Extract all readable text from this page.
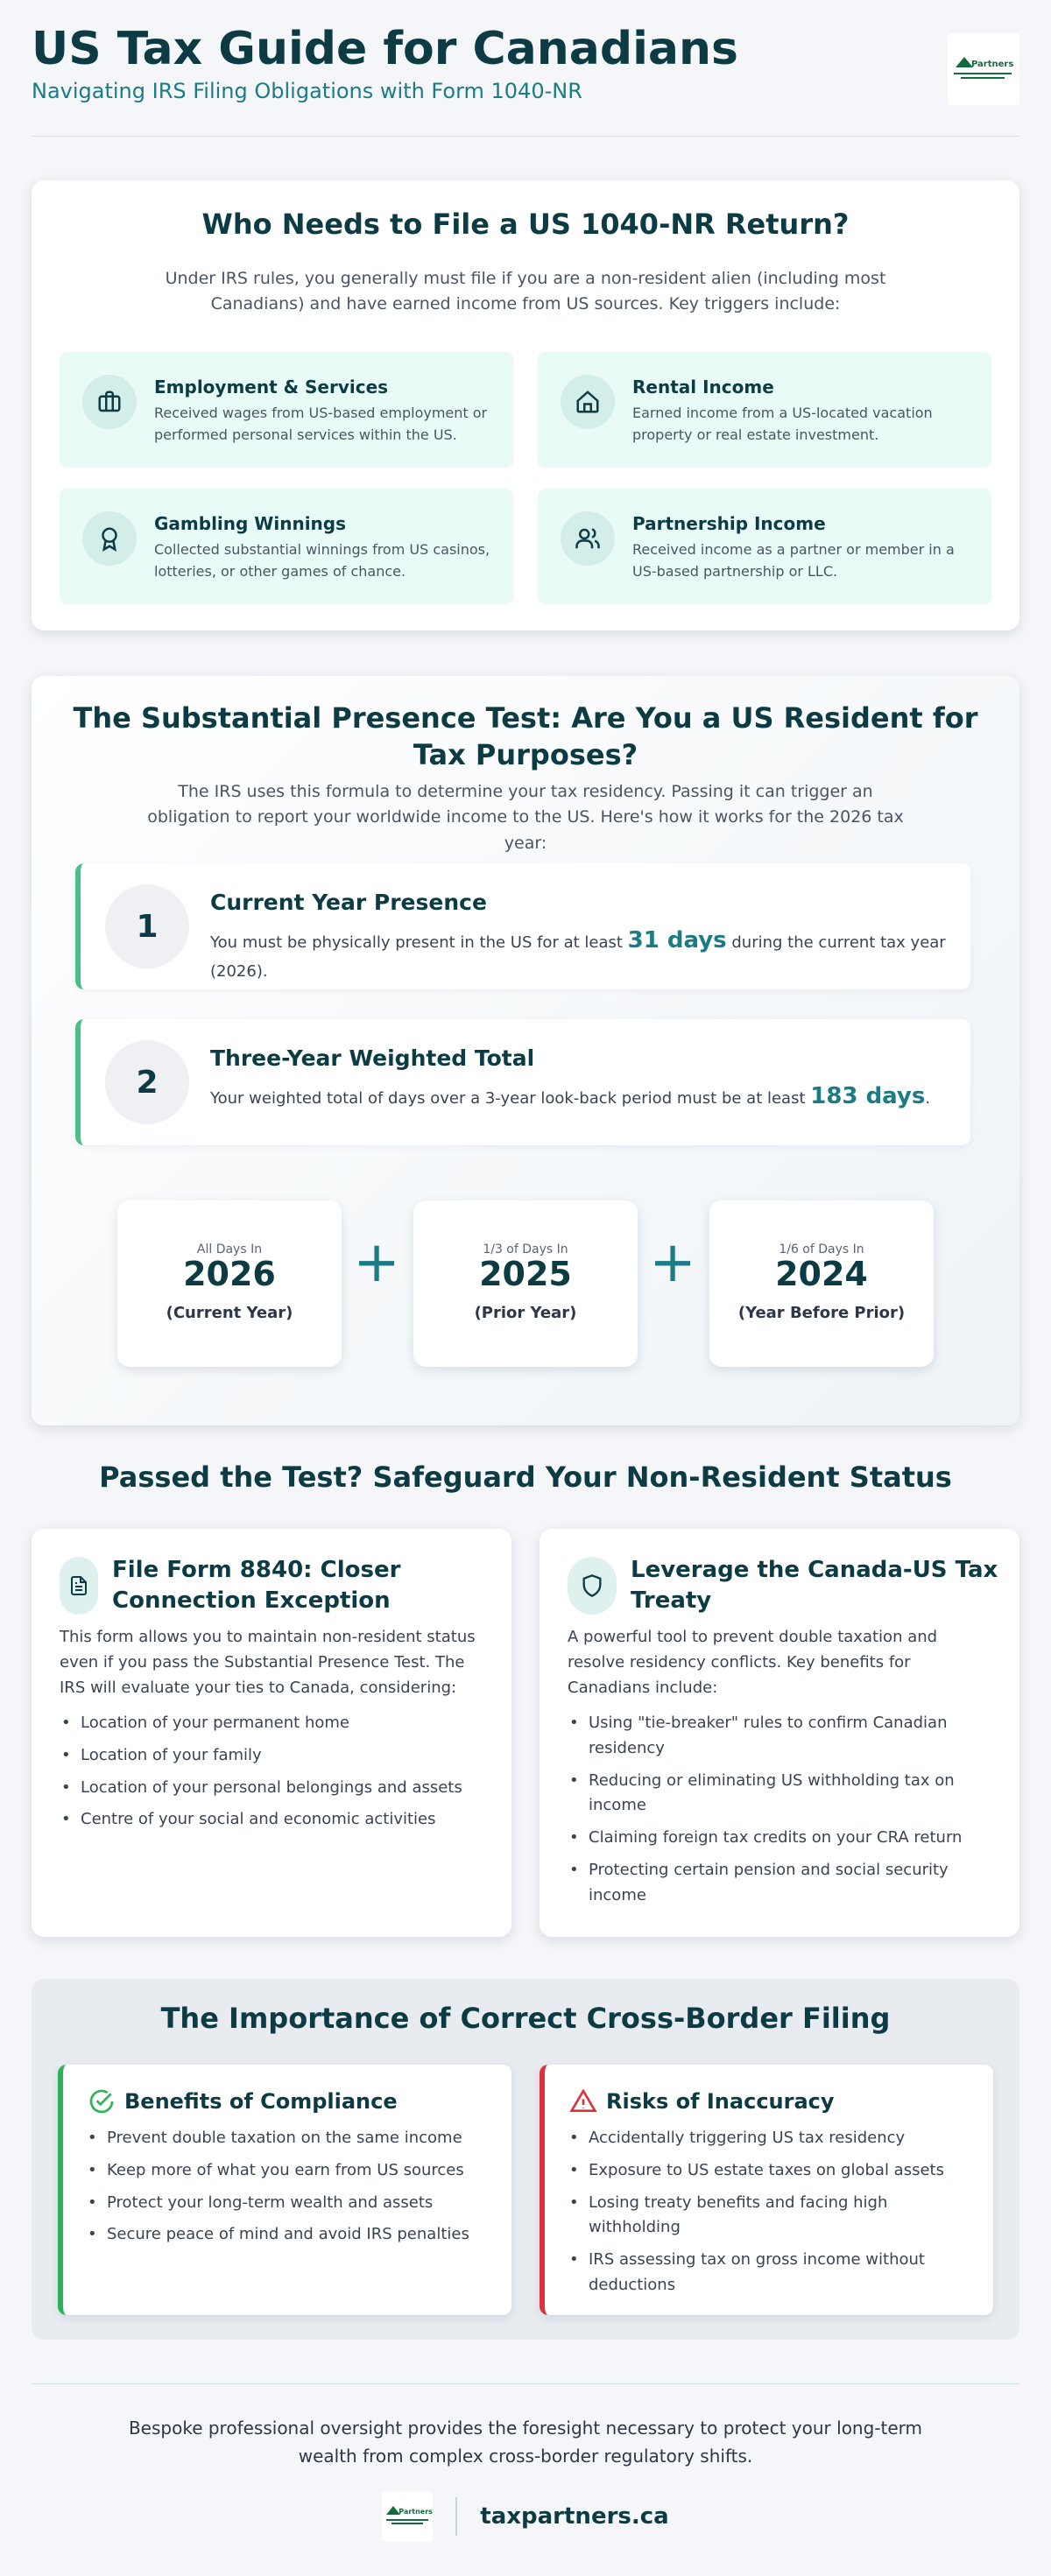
US Tax Guide for Canadians
Navigating IRS Filing Obligations with Form 1040-NR
Partners
Who Needs to File a US 1040-NR Return?
Under IRS rules, you generally must file if you are a non-resident alien (including most Canadians) and have earned income from US sources. Key triggers include:
Employment & Services
Received wages from US-based employment or performed personal services within the US.
Rental Income
Earned income from a US-located vacation property or real estate investment.
Gambling Winnings
Collected substantial winnings from US casinos, lotteries, or other games of chance.
Partnership Income
Received income as a partner or member in a US-based partnership or LLC.
The Substantial Presence Test: Are You a US Resident for Tax Purposes?
The IRS uses this formula to determine your tax residency. Passing it can trigger an obligation to report your worldwide income to the US. Here's how it works for the 2026 tax year:
1
Current Year Presence
You must be physically present in the US for at least 31 days during the current tax year (2026).
2
Three-Year Weighted Total
Your weighted total of days over a 3-year look-back period must be at least 183 days.
All Days In
2026
(Current Year)
+	1/3 of Days In
2025
(Prior Year)
+	1/6 of Days In
2024
(Year Before Prior)
Passed the Test? Safeguard Your Non-Resident Status
File Form 8840: Closer Connection Exception
This form allows you to maintain non-resident status even if you pass the Substantial Presence Test. The IRS will evaluate your ties to Canada, considering:
• Location of your permanent home
• Location of your family
• Location of your personal belongings and assets
• Centre of your social and economic activities
Leverage the Canada-US Tax Treaty
A powerful tool to prevent double taxation and resolve residency conflicts. Key benefits for Canadians include:
• Using "tie-breaker" rules to confirm Canadian residency
• Reducing or eliminating US withholding tax on income
• Claiming foreign tax credits on your CRA return
• Protecting certain pension and social security income
The Importance of Correct Cross-Border Filing
Benefits of Compliance
• Prevent double taxation on the same income
• Keep more of what you earn from US sources
• Protect your long-term wealth and assets
• Secure peace of mind and avoid IRS penalties
Risks of Inaccuracy
• Accidentally triggering US tax residency
• Exposure to US estate taxes on global assets
• Losing treaty benefits and facing high withholding
• IRS assessing tax on gross income without deductions
Bespoke professional oversight provides the foresight necessary to protect your long-term wealth from complex cross-border regulatory shifts.
Partners taxpartners.ca
